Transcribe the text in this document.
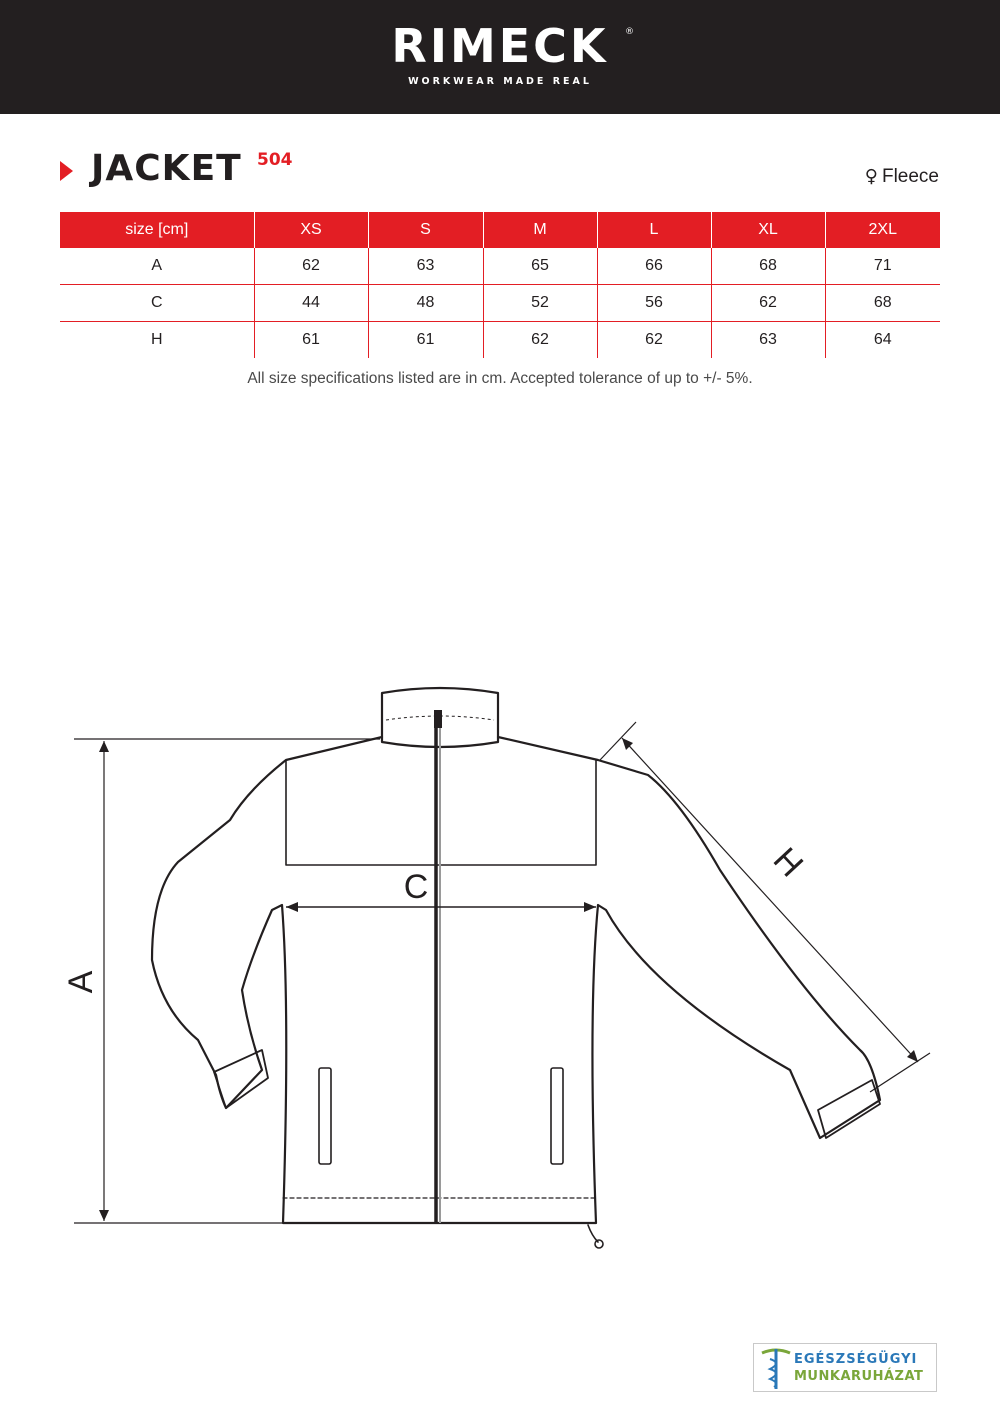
RIMECK	®
WORKWEAR MADE REAL
JACKET 504
♀ Fleece
size [cm]	XS	S	M	L	XL	2XL
A	62	63	65	66	68	71
C	44	48	52	56	62	68
H	61	61	62	62	63	64
All size specifications listed are in cm. Accepted tolerance of up to +/- 5%.
A
C
H
EGÉSZSÉGÜGYI
MUNKARUHÁZAT
